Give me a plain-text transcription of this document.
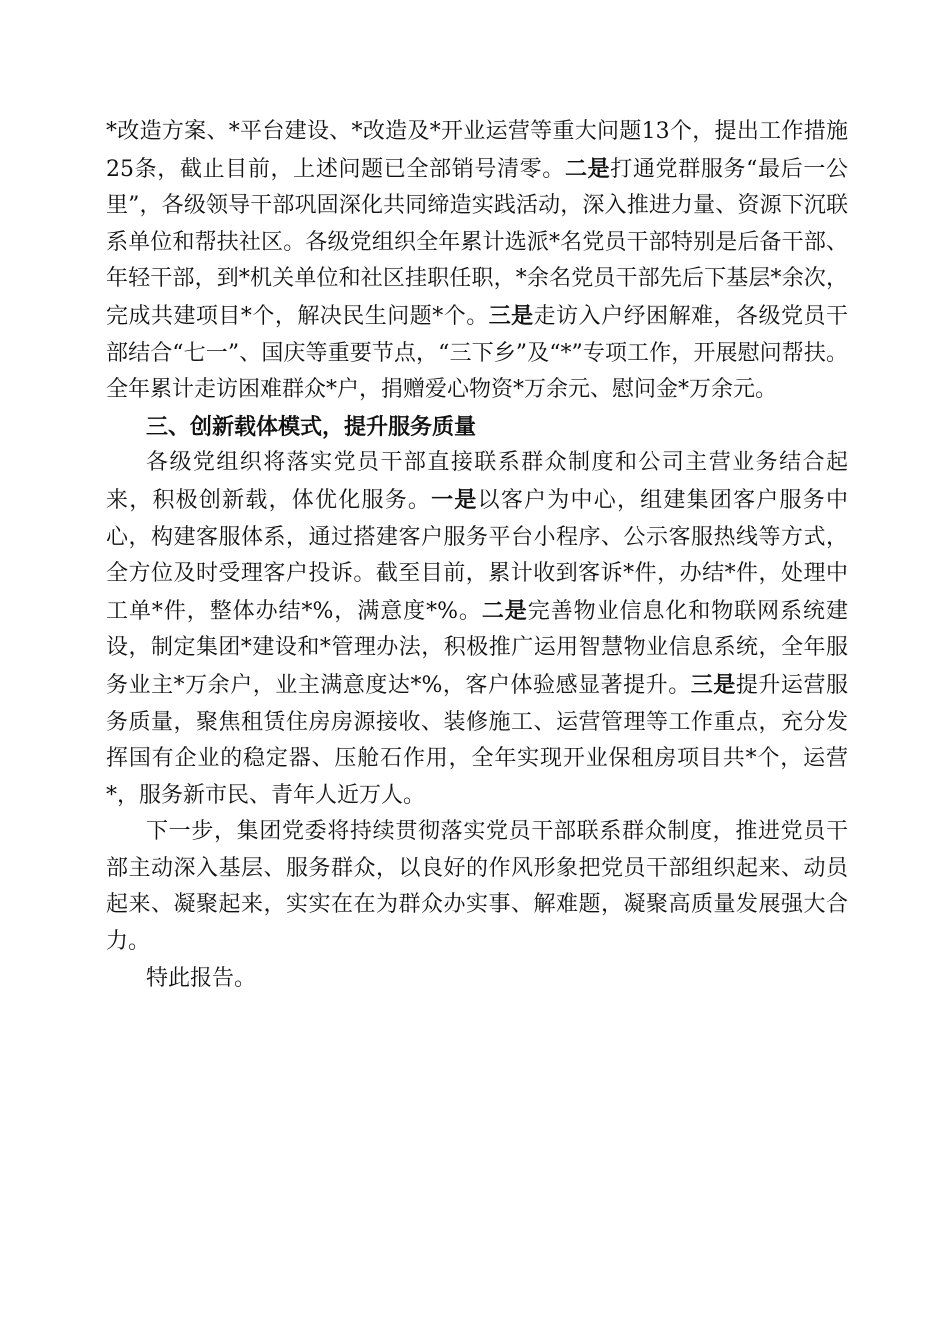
*改造方案、*平台建设、*改造及*开业运营等重大问题13个，提出工作措施25条，截止目前，上述问题已全部销号清零。二是打通党群服务“最后一公里”，各级领导干部巩固深化共同缔造实践活动，深入推进力量、资源下沉联系单位和帮扶社区。各级党组织全年累计选派*名党员干部特别是后备干部、年轻干部，到*机关单位和社区挂职任职，*余名党员干部先后下基层*余次，完成共建项目*个，解决民生问题*个。三是走访入户纾困解难，各级党员干部结合“七一”、国庆等重要节点，“三下乡”及“*”专项工作，开展慰问帮扶。全年累计走访困难群众*户，捐赠爱心物资*万余元、慰问金*万余元。

三、创新载体模式，提升服务质量

各级党组织将落实党员干部直接联系群众制度和公司主营业务结合起来，积极创新载，体优化服务。一是以客户为中心，组建集团客户服务中心，构建客服体系，通过搭建客户服务平台小程序、公示客服热线等方式，全方位及时受理客户投诉。截至目前，累计收到客诉*件，办结*件，处理中工单*件，整体办结*%，满意度*%。二是完善物业信息化和物联网系统建设，制定集团*建设和*管理办法，积极推广运用智慧物业信息系统，全年服务业主*万余户，业主满意度达*%，客户体验感显著提升。三是提升运营服务质量，聚焦租赁住房房源接收、装修施工、运营管理等工作重点，充分发挥国有企业的稳定器、压舱石作用，全年实现开业保租房项目共*个，运营*，服务新市民、青年人近万人。

下一步，集团党委将持续贯彻落实党员干部联系群众制度，推进党员干部主动深入基层、服务群众，以良好的作风形象把党员干部组织起来、动员起来、凝聚起来，实实在在为群众办实事、解难题，凝聚高质量发展强大合力。

特此报告。
